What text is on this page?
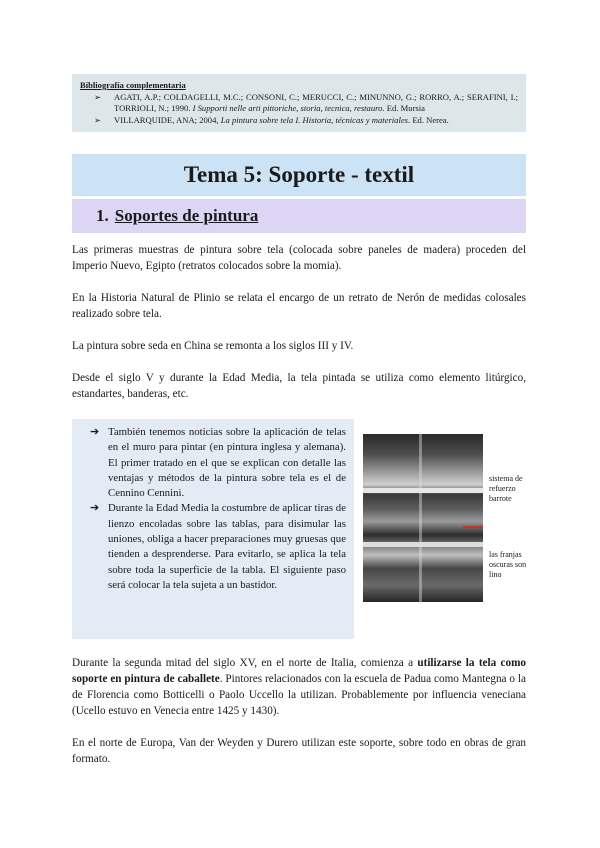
Bibliografía complementaria
➢	AGATI, A.P.; COLDAGELLI, M.C.; CONSONI, C.; MERUCCI, C.; MINUNNO, G.; RORRO, A.; SERAFINI, I.; TORRIOLI, N.; 1990. I Supporti nelle arti pittoriche, storia, tecnica, restauro. Ed. Mursia
➢	VILLARQUIDE, ANA; 2004, La pintura sobre tela I. Historia, técnicas y materiales. Ed. Nerea.
Tema 5: Soporte - textil
1. Soportes de pintura

Las primeras muestras de pintura sobre tela (colocada sobre paneles de madera) proceden del Imperio Nuevo, Egipto (retratos colocados sobre la momia).

En la Historia Natural de Plinio se relata el encargo de un retrato de Nerón de medidas colosales realizado sobre tela.

La pintura sobre seda en China se remonta a los siglos III y IV.

Desde el siglo V y durante la Edad Media, la tela pintada se utiliza como elemento litúrgico, estandartes, banderas, etc.

➔ También tenemos noticias sobre la aplicación de telas en el muro para pintar (en pintura inglesa y alemana). El primer tratado en el que se explican con detalle las ventajas y métodos de la pintura sobre tela es el de Cennino Cennini.
➔ Durante la Edad Media la costumbre de aplicar tiras de lienzo encoladas sobre las tablas, para disimular las uniones, obliga a hacer preparaciones muy gruesas que tienden a desprenderse. Para evitarlo, se aplica la tela sobre toda la superficie de la tabla. El siguiente paso será colocar la tela sujeta a un bastidor.
sistema de refuerzo barrote
las franjas oscuras son lino

Durante la segunda mitad del siglo XV, en el norte de Italia, comienza a utilizarse la tela como soporte en pintura de caballete. Pintores relacionados con la escuela de Padua como Mantegna o la de Florencia como Botticelli o Paolo Uccello la utilizan. Probablemente por influencia veneciana (Ucello estuvo en Venecia entre 1425 y 1430).

En el norte de Europa, Van der Weyden y Durero utilizan este soporte, sobre todo en obras de gran formato.
